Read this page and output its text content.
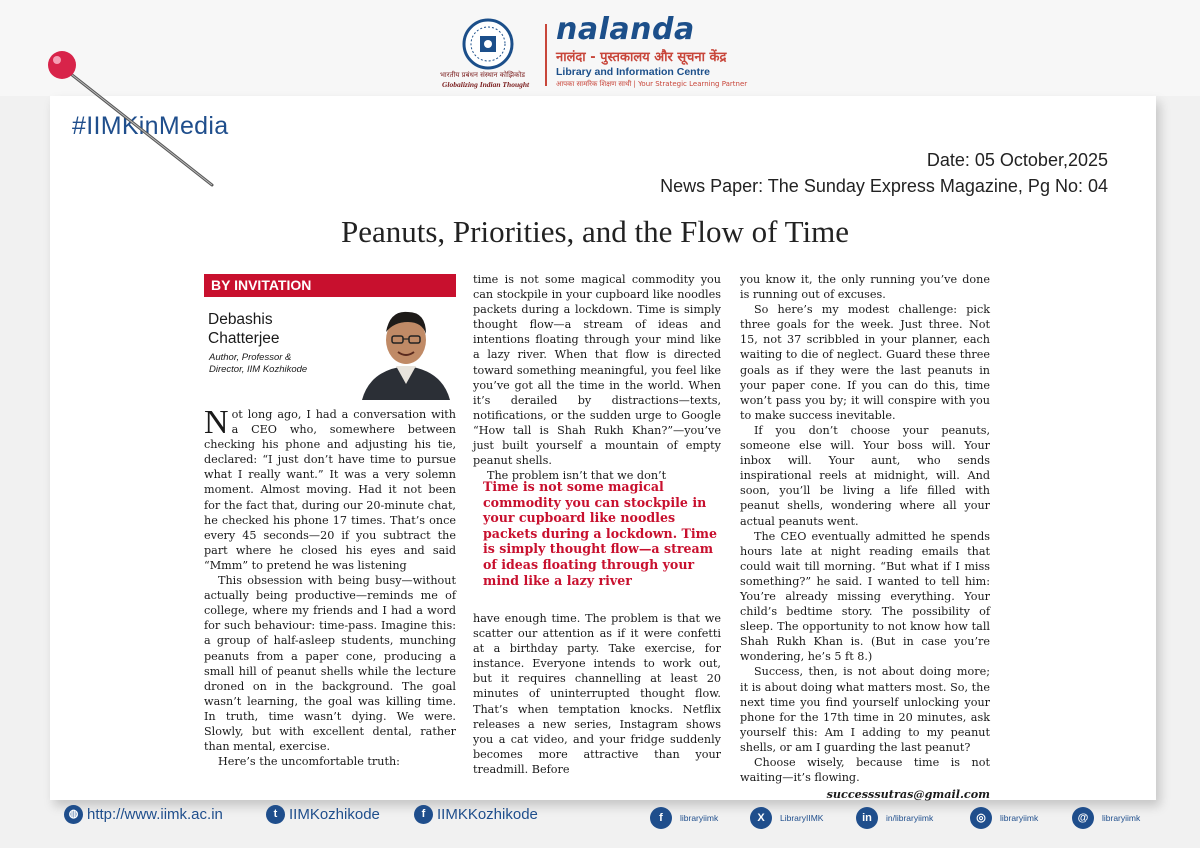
भारतीय प्रबंधन संस्थान कोझिकोड
Globalizing Indian Thought
nalanda
नालंदा - पुस्तकालय और सूचना केंद्र
Library and Information Centre
आपका सामरिक शिक्षण साथी | Your Strategic Learning Partner
#IIMKinMedia
Date: 05 October,2025
News Paper: The Sunday Express Magazine, Pg No: 04
Peanuts, Priorities, and the Flow of Time
BY INVITATION
Debashis
Chatterjee
Author, Professor & Director, IIM Kozhikode

Not long ago, I had a conversation with a CEO who, somewhere between checking his phone and adjusting his tie, declared: “I just don’t have time to pursue what I really want.” It was a very solemn moment. Almost moving. Had it not been for the fact that, during our 20-minute chat, he checked his phone 17 times. That’s once every 45 seconds—20 if you subtract the part where he closed his eyes and said “Mmm” to pretend he was listening

This obsession with being busy—without actually being productive—reminds me of college, where my friends and I had a word for such behaviour: time-pass. Imagine this: a group of half-asleep students, munching peanuts from a paper cone, producing a small hill of peanut shells while the lecture droned on in the background. The goal wasn’t learning, the goal was killing time. In truth, time wasn’t dying. We were. Slowly, but with excellent dental, rather than mental, exercise.

Here’s the uncomfortable truth:

time is not some magical commodity you can stockpile in your cupboard like noodles packets during a lockdown. Time is simply thought flow—a stream of ideas and intentions floating through your mind like a lazy river. When that flow is directed toward something meaningful, you feel like you’ve got all the time in the world. When it’s derailed by distractions—texts, notifications, or the sudden urge to Google “How tall is Shah Rukh Khan?”—you’ve just built yourself a mountain of empty peanut shells.

The problem isn’t that we don’t

Time is not some magical commodity you can stockpile in your cupboard like noodles packets during a lockdown. Time is simply thought flow—a stream of ideas floating through your mind like a lazy river
have enough time. The problem is that we scatter our attention as if it were confetti at a birthday party. Take exercise, for instance. Everyone intends to work out, but it requires channelling at least 20 minutes of uninterrupted thought flow. That’s when temptation knocks. Netflix releases a new series, Instagram shows you a cat video, and your fridge suddenly becomes more attractive than your treadmill. Before
you know it, the only running you’ve done is running out of excuses.

So here’s my modest challenge: pick three goals for the week. Just three. Not 15, not 37 scribbled in your planner, each waiting to die of neglect. Guard these three goals as if they were the last peanuts in your paper cone. If you can do this, time won’t pass you by; it will conspire with you to make success inevitable.

If you don’t choose your peanuts, someone else will. Your boss will. Your inbox will. Your aunt, who sends inspirational reels at midnight, will. And soon, you’ll be living a life filled with peanut shells, wondering where all your actual peanuts went.

The CEO eventually admitted he spends hours late at night reading emails that could wait till morning. “But what if I miss something?” he said. I wanted to tell him: You’re already missing everything. Your child’s bedtime story. The possibility of sleep. The opportunity to not know how tall Shah Rukh Khan is. (But in case you’re wondering, he’s 5 ft 8.)

Success, then, is not about doing more; it is about doing what matters most. So, the next time you find yourself unlocking your phone for the 17th time in 20 minutes, ask yourself this: Am I adding to my peanut shells, or am I guarding the last peanut?

Choose wisely, because time is not waiting—it’s flowing.

successsutras@gmail.com
◍ http://www.iimk.ac.in	t IIMKozhikode	f IIMKKozhikode	f	libraryiimk	X	LibraryIIMK	in	in/libraryiimk	◎	libraryiimk	@	libraryiimk
